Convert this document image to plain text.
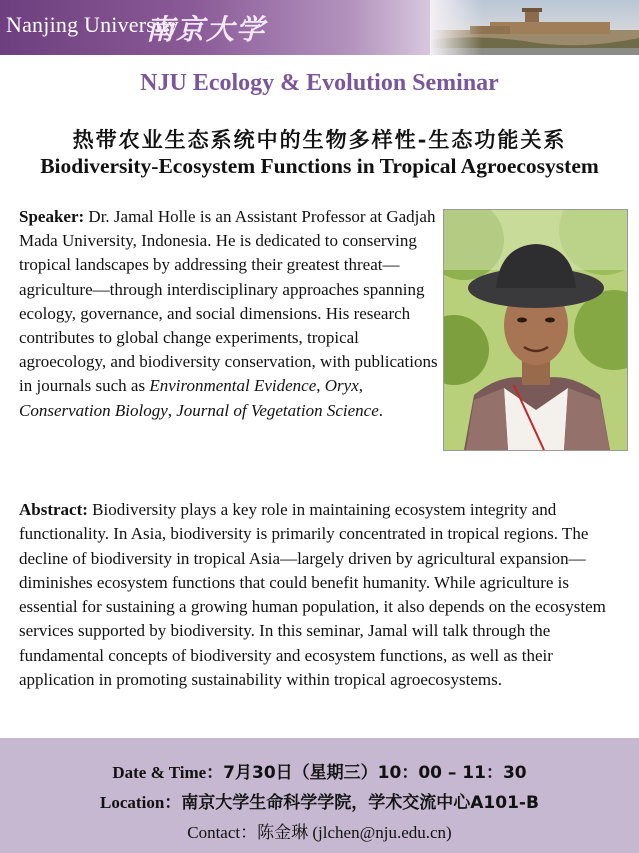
Nanjing University
南京大学
NJU Ecology & Evolution Seminar
热带农业生态系统中的生物多样性-生态功能关系
Biodiversity-Ecosystem Functions in Tropical Agroecosystem
Speaker: Dr. Jamal Holle is an Assistant Professor at Gadjah Mada University, Indonesia. He is dedicated to conserving tropical landscapes by addressing their greatest threat—agriculture—through interdisciplinary approaches spanning ecology, governance, and social dimensions. His research contributes to global change experiments, tropical agroecology, and biodiversity conservation, with publications in journals such as Environmental Evidence, Oryx, Conservation Biology, Journal of Vegetation Science.
Abstract: Biodiversity plays a key role in maintaining ecosystem integrity and functionality. In Asia, biodiversity is primarily concentrated in tropical regions. The decline of biodiversity in tropical Asia—largely driven by agricultural expansion—diminishes ecosystem functions that could benefit humanity. While agriculture is essential for sustaining a growing human population, it also depends on the ecosystem services supported by biodiversity. In this seminar, Jamal will talk through the fundamental concepts of biodiversity and ecosystem functions, as well as their application in promoting sustainability within tropical agroecosystems.
Date & Time：7月30日（星期三）10：00 – 11：30
Location：南京大学生命科学学院，学术交流中心A101-B
Contact：陈金琳 (jlchen@nju.edu.cn)
